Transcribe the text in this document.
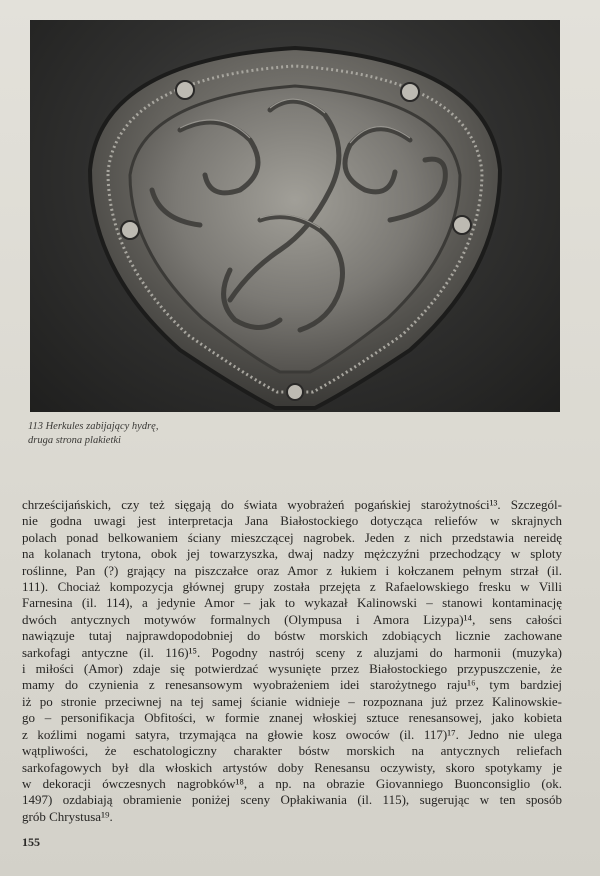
113 Herkules zabijający hydrę,
druga strona plakietki
chrześcijańskich, czy też sięgają do świata wyobrażeń pogańskiej starożytności¹³. Szczegól-
nie godna uwagi jest interpretacja Jana Białostockiego dotycząca reliefów w skrajnych
polach ponad belkowaniem ściany mieszczącej nagrobek. Jeden z nich przedstawia nereidę
na kolanach trytona, obok jej towarzyszka, dwaj nadzy mężczyźni przechodzący w sploty
roślinne, Pan (?) grający na piszczałce oraz Amor z łukiem i kołczanem pełnym strzał (il.
111). Chociaż kompozycja głównej grupy została przejęta z Rafaelowskiego fresku w Villi
Farnesina (il. 114), a jedynie Amor – jak to wykazał Kalinowski – stanowi kontaminację
dwóch antycznych motywów formalnych (Olympusa i Amora Lizypa)¹⁴, sens całości
nawiązuje tutaj najprawdopodobniej do bóstw morskich zdobiących licznie zachowane
sarkofagi antyczne (il. 116)¹⁵. Pogodny nastrój sceny z aluzjami do harmonii (muzyka)
i miłości (Amor) zdaje się potwierdzać wysunięte przez Białostockiego przypuszczenie, że
mamy do czynienia z renesansowym wyobrażeniem idei starożytnego raju¹⁶, tym bardziej
iż po stronie przeciwnej na tej samej ścianie widnieje – rozpoznana już przez Kalinowskie-
go – personifikacja Obfitości, w formie znanej włoskiej sztuce renesansowej, jako kobieta
z koźlimi nogami satyra, trzymająca na głowie kosz owoców (il. 117)¹⁷. Jedno nie ulega
wątpliwości, że eschatologiczny charakter bóstw morskich na antycznych reliefach
sarkofagowych był dla włoskich artystów doby Renesansu oczywisty, skoro spotykamy je
w dekoracji ówczesnych nagrobków¹⁸, a np. na obrazie Giovanniego Buonconsiglio (ok.
1497) ozdabiają obramienie poniżej sceny Opłakiwania (il. 115), sugerując w ten sposób
grób Chrystusa¹⁹.
155
